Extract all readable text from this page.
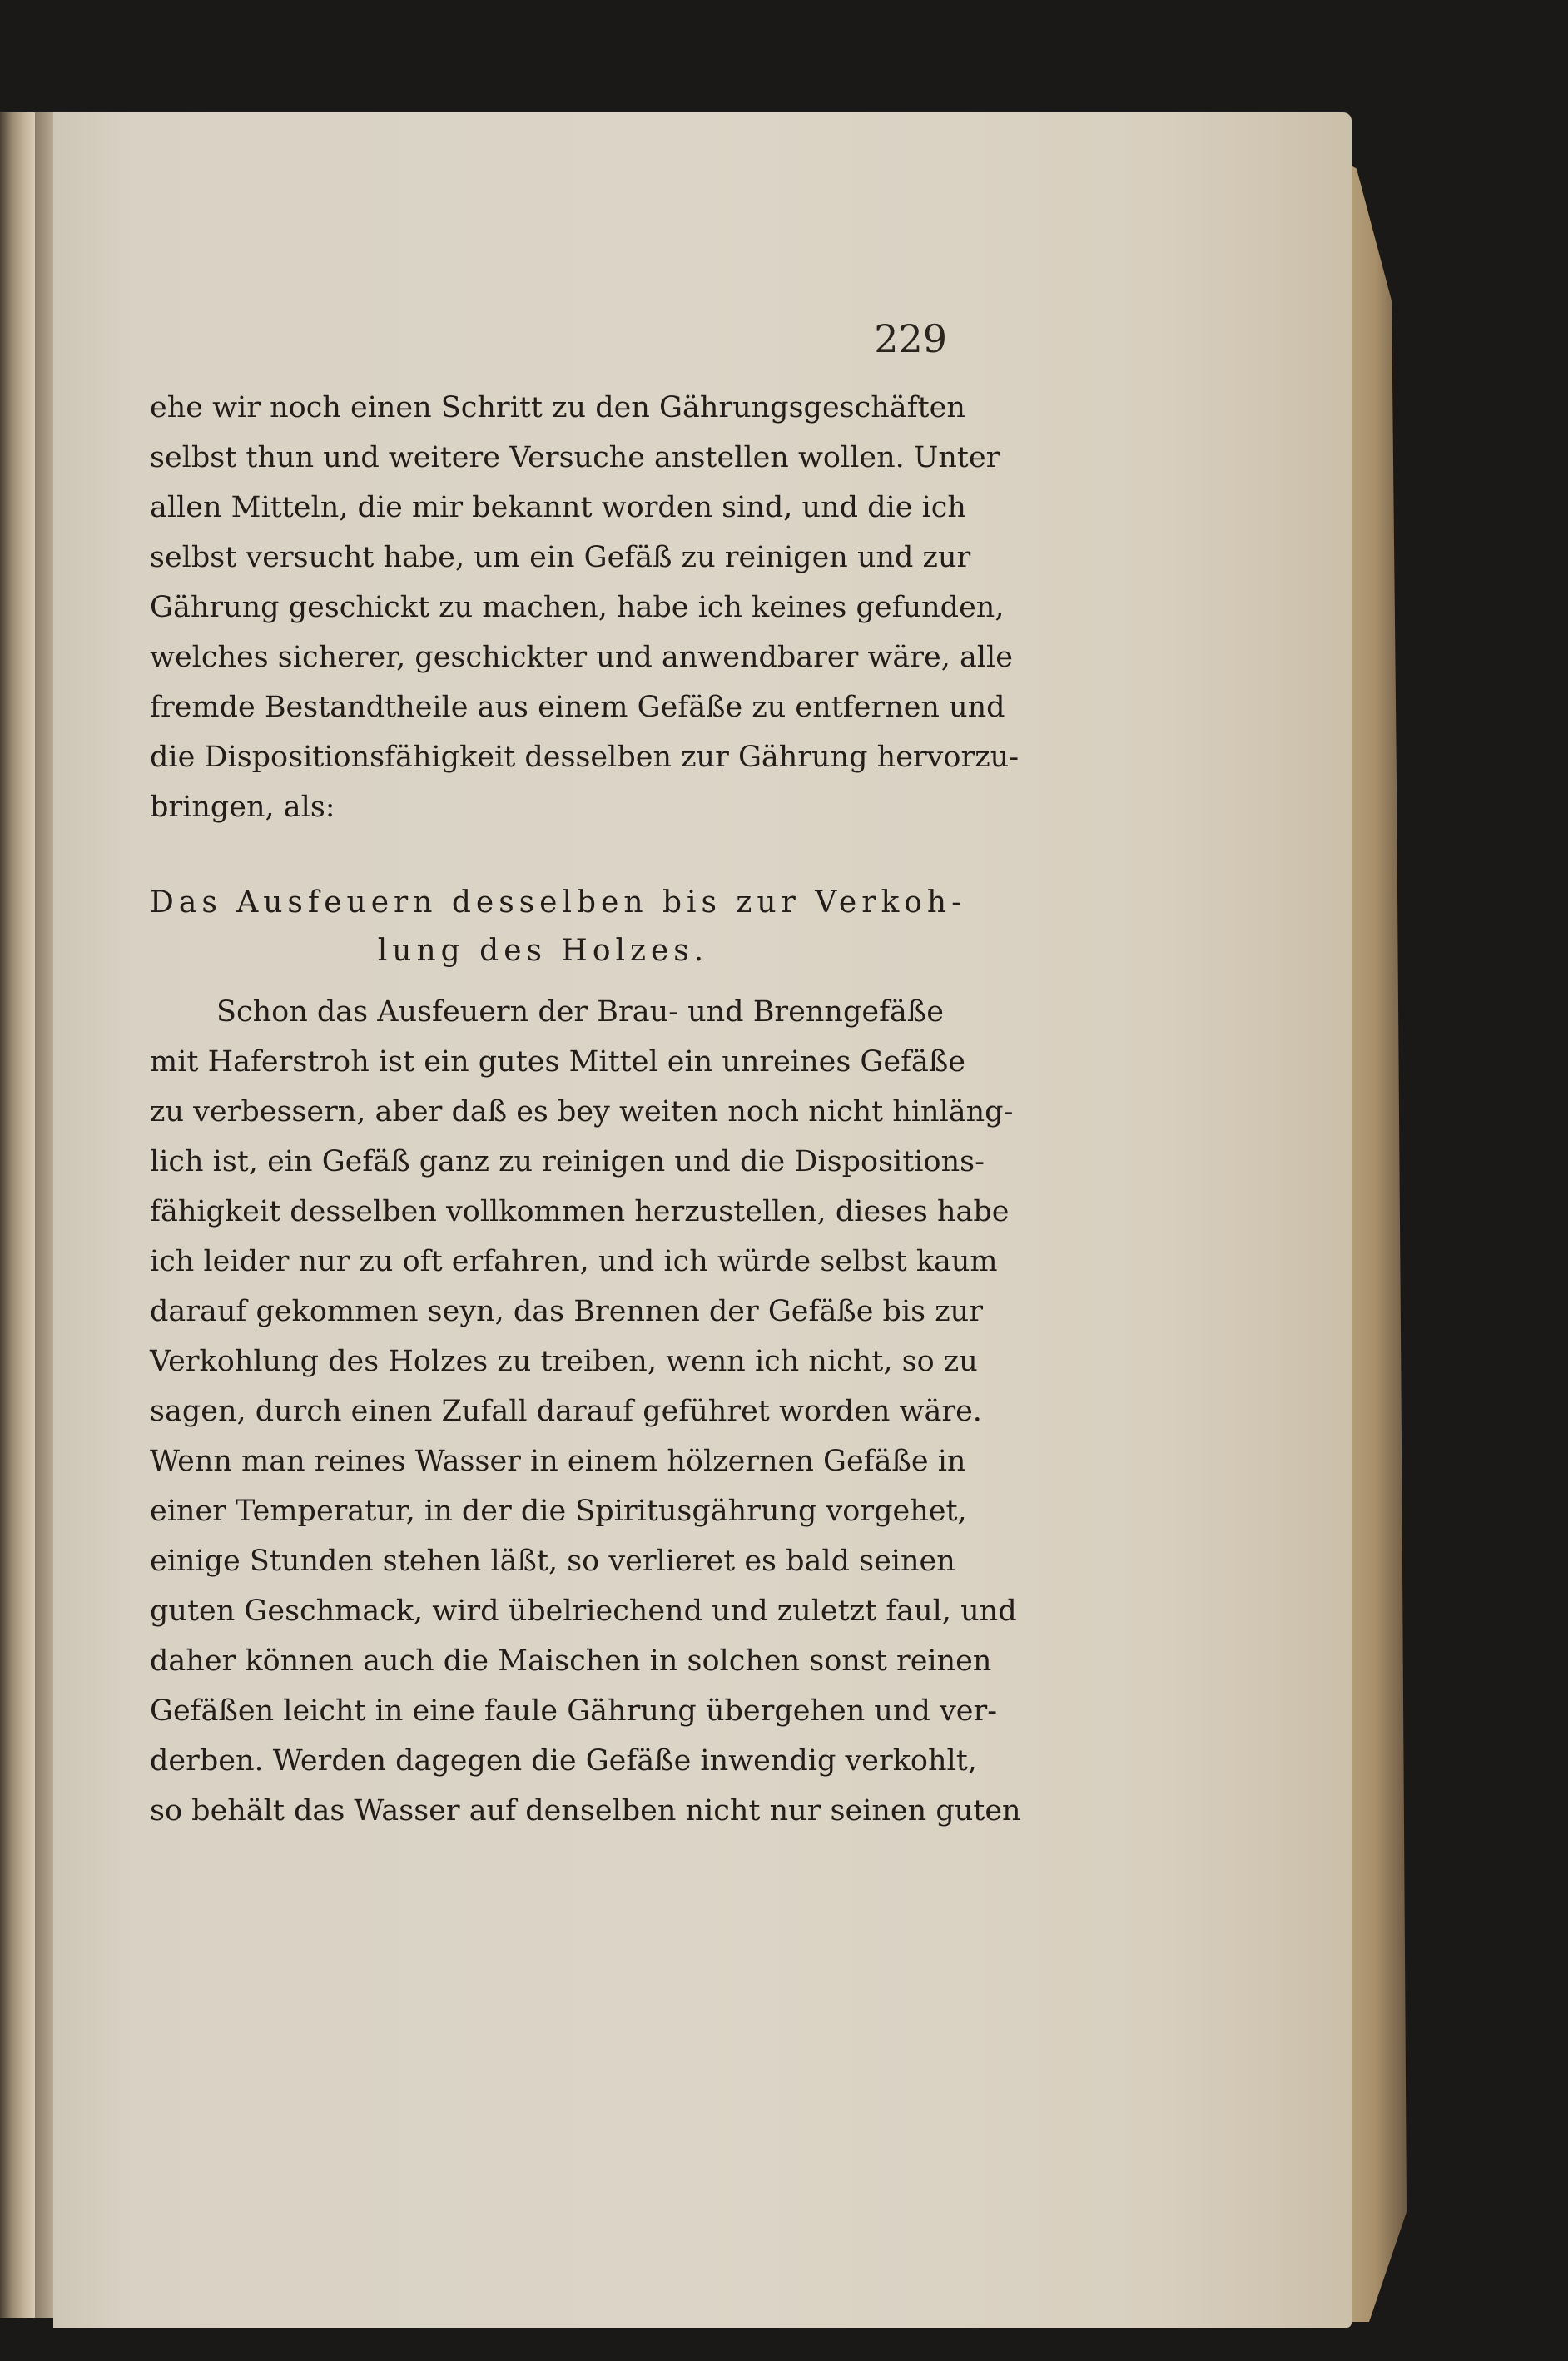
229
ehe wir noch einen Schritt zu den Gährungsgeschäften
selbst thun und weitere Versuche anstellen wollen. Unter
allen Mitteln, die mir bekannt worden sind, und die ich
selbst versucht habe, um ein Gefäß zu reinigen und zur
Gährung geschickt zu machen, habe ich keines gefunden,
welches sicherer, geschickter und anwendbarer wäre, alle
fremde Bestandtheile aus einem Gefäße zu entfernen und
die Dispositionsfähigkeit desselben zur Gährung hervorzu-
bringen, als:
Das Ausfeuern desselben bis zur Verkoh-
lung des Holzes.
Schon das Ausfeuern der Brau- und Brenngefäße
mit Haferstroh ist ein gutes Mittel ein unreines Gefäße
zu verbessern, aber daß es bey weiten noch nicht hinläng-
lich ist, ein Gefäß ganz zu reinigen und die Dispositions-
fähigkeit desselben vollkommen herzustellen, dieses habe
ich leider nur zu oft erfahren, und ich würde selbst kaum
darauf gekommen seyn, das Brennen der Gefäße bis zur
Verkohlung des Holzes zu treiben, wenn ich nicht, so zu
sagen, durch einen Zufall darauf geführet worden wäre.
Wenn man reines Wasser in einem hölzernen Gefäße in
einer Temperatur, in der die Spiritusgährung vorgehet,
einige Stunden stehen läßt, so verlieret es bald seinen
guten Geschmack, wird übelriechend und zuletzt faul, und
daher können auch die Maischen in solchen sonst reinen
Gefäßen leicht in eine faule Gährung übergehen und ver-
derben. Werden dagegen die Gefäße inwendig verkohlt,
so behält das Wasser auf denselben nicht nur seinen guten
